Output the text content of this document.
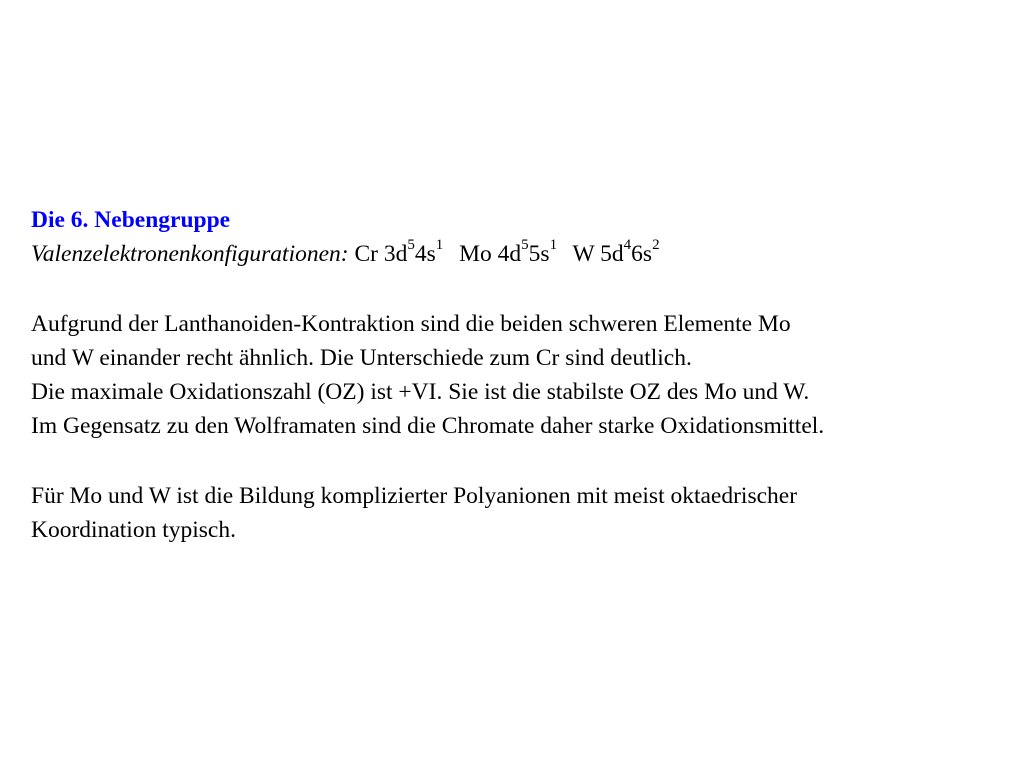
Die 6. Nebengruppe

Valenzelektronenkonfigurationen: Cr $3d^54s^1$ Mo $4d^55s^1$ W $5d^46s^2$

Aufgrund der Lanthanoiden-Kontraktion sind die beiden schweren Elemente Mo

und W einander recht ähnlich. Die Unterschiede zum Cr sind deutlich.

Die maximale Oxidationszahl (OZ) ist +VI. Sie ist die stabilste OZ des Mo und W.

Im Gegensatz zu den Wolframaten sind die Chromate daher starke Oxidationsmittel.

Für Mo und W ist die Bildung komplizierter Polyanionen mit meist oktaedrischer

Koordination typisch.
